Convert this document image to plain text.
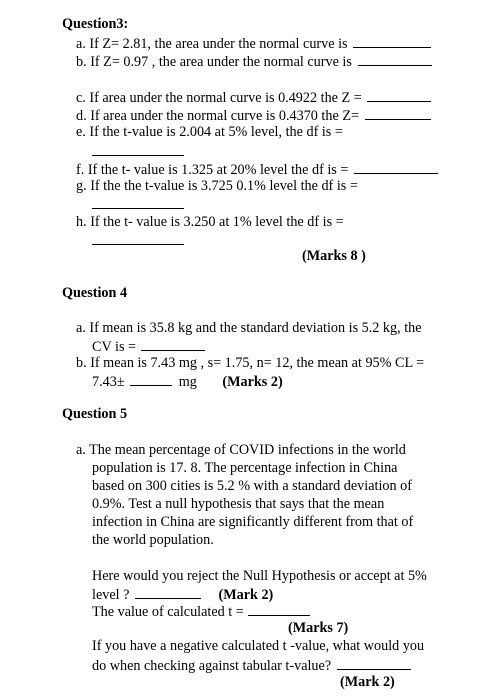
Question3:
a. If Z= 2.81, the area under the normal curve is
b. If Z= 0.97 , the area under the normal curve is
c. If area under the normal curve is 0.4922 the Z =
d. If area under the normal curve is 0.4370 the Z=
e. If the t-value is 2.004 at 5% level, the df is =
f. If the t- value is 1.325 at 20% level the df is =
g. If the the t-value is 3.725 0.1% level the df is =
h. If the t- value is 3.250 at 1% level the df is =
(Marks 8 )
Question 4
a. If mean is 35.8 kg and the standard deviation is 5.2 kg, the
CV is =
b. If mean is 7.43 mg , s= 1.75, n= 12, the mean at 95% CL =
7.43±	mg (Marks 2)
Question 5
a. The mean percentage of COVID infections in the world
population is 17. 8. The percentage infection in China
based on 300 cities is 5.2 % with a standard deviation of
0.9%. Test a null hypothesis that says that the mean
infection in China are significantly different from that of
the world population.
Here would you reject the Null Hypothesis or accept at 5%
level ?	(Mark 2)
The value of calculated t =
(Marks 7)
If you have a negative calculated t -value, what would you
do when checking against tabular t-value?
(Mark 2)
